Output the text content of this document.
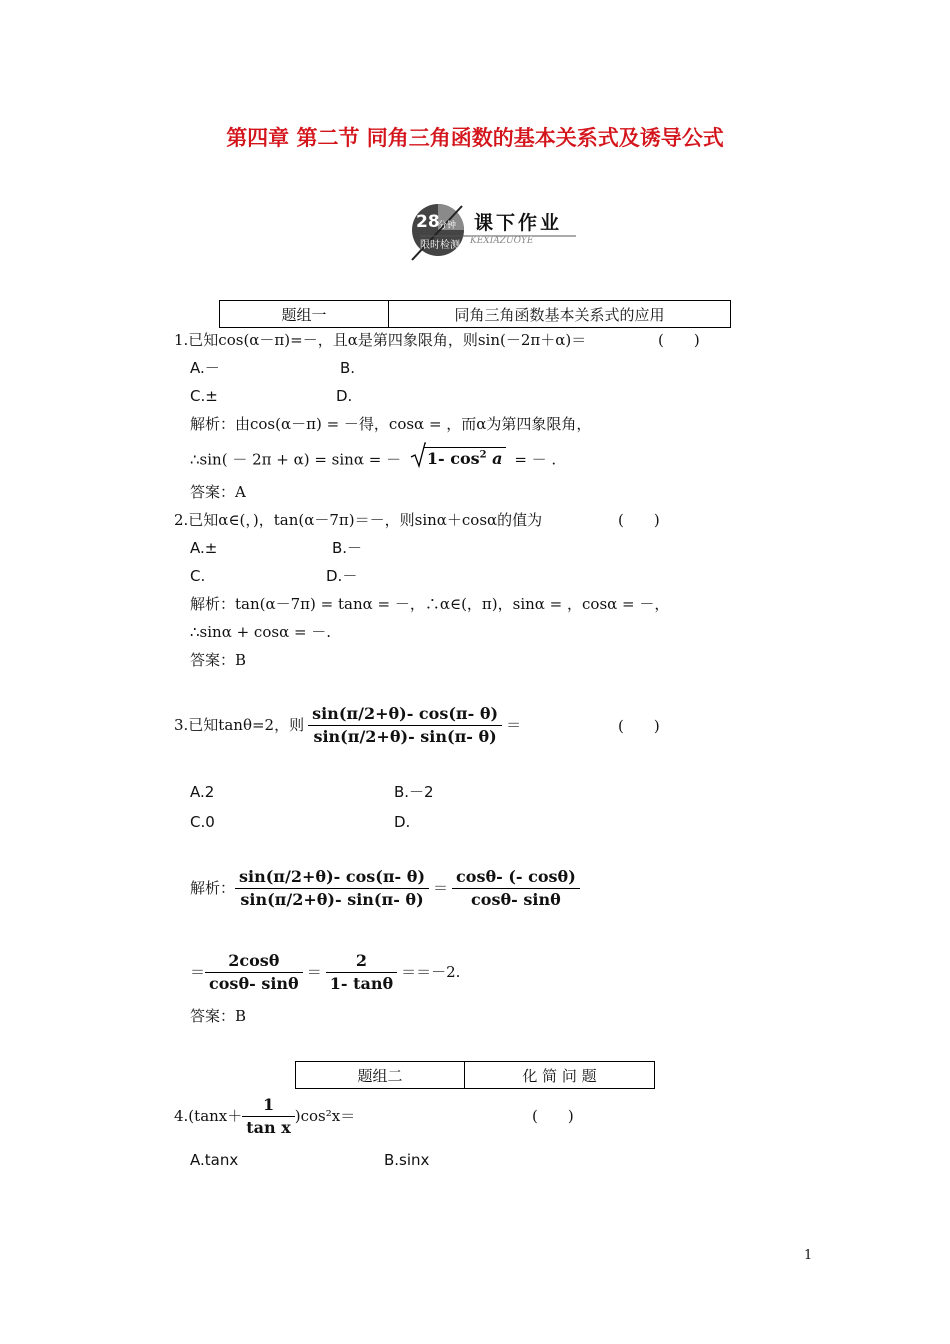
第四章 第二节 同角三角函数的基本关系式及诱导公式
28
分钟
限时检测
课下作业
KEXIAZUOYE
题组一	同角三角函数基本关系式的应用
1.已知cos(α－π)=－，且α是第四象限角，则sin(－2π＋α)＝	(　　)
A.－	B.
C.±	D.
解析：由cos(α－π) = －得，cosα = ，而α为第四象限角，
∴sin( － 2π + α) = sinα = － 1- $\cos^2 a$ = － .
答案：A
2.已知α∈(，)，tan(α－7π)＝－，则sinα＋cosα的值为	(　　)
A.±	B.－
C.	D.－
解析：tan(α－7π) = tanα = －，∴α∈(，π)，sinα = ，cosα = －，
∴sinα + cosα = －.
答案：B
3.已知tanθ=2，则 $\frac{\sin(\pi/2+\theta)- \cos(\pi- \theta)}{\sin(\pi/2+\theta)- \sin(\pi- \theta)}$ ＝	(　　)
A.2	B.－2
C.0	D.
解析： $\frac{\sin(\pi/2+\theta)- \cos(\pi- \theta)}{\sin(\pi/2+\theta)- \sin(\pi- \theta)} = \frac{\cos\theta- (- \cos\theta)}{\cos\theta- \sin\theta}$
＝ $\frac{2\cos\theta}{\cos\theta- \sin\theta} = \frac{2}{1- \tan\theta} ==-2$.
答案：B
题组二	化 简 问 题
$4.(\tan x+ \frac{1}{\text{tan x}} )\cos^2x=$	(　　)
A.tanx	B.sinx
1
